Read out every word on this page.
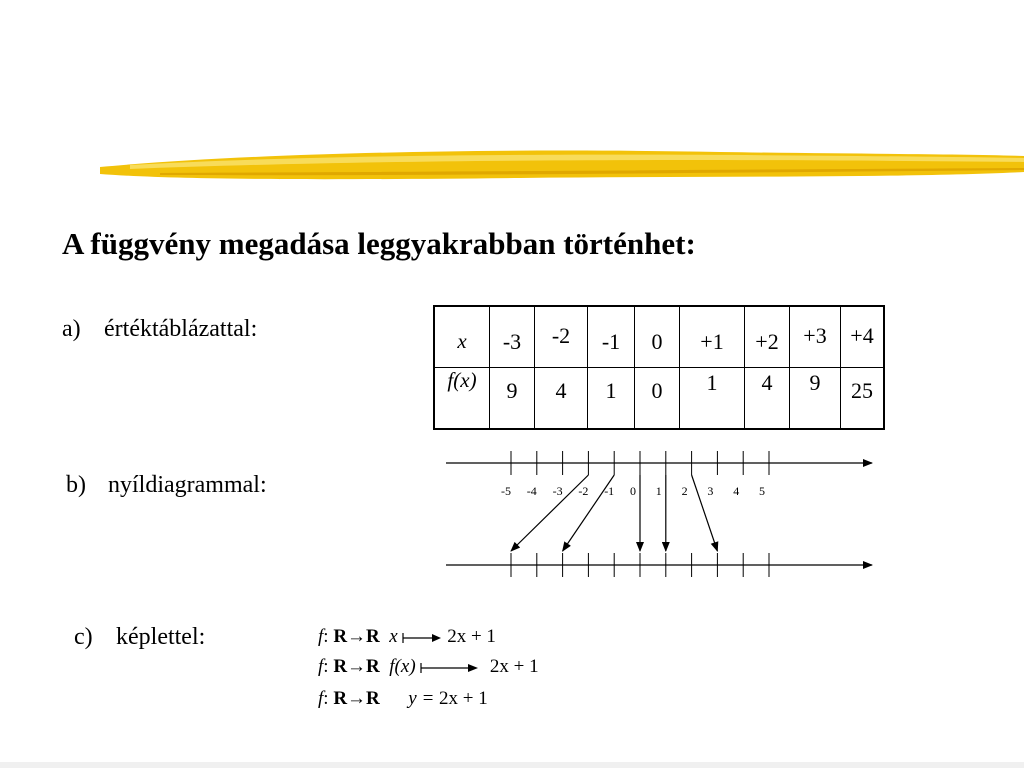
A függvény megadása leggyakrabban történhet:
a) értéktáblázattal:
b) nyíldiagrammal:
c) képlettel:
x	-3	-2	-1	0	+1	+2	+3	+4

f(x)	9	4	1	0	1	4	9	25
-5 -4 -3 -2 -1 0 1 2 3 4 5
f: R→R x	2x + 1
f: R→R f(x)	2x + 1
f: R→R y = 2x + 1
